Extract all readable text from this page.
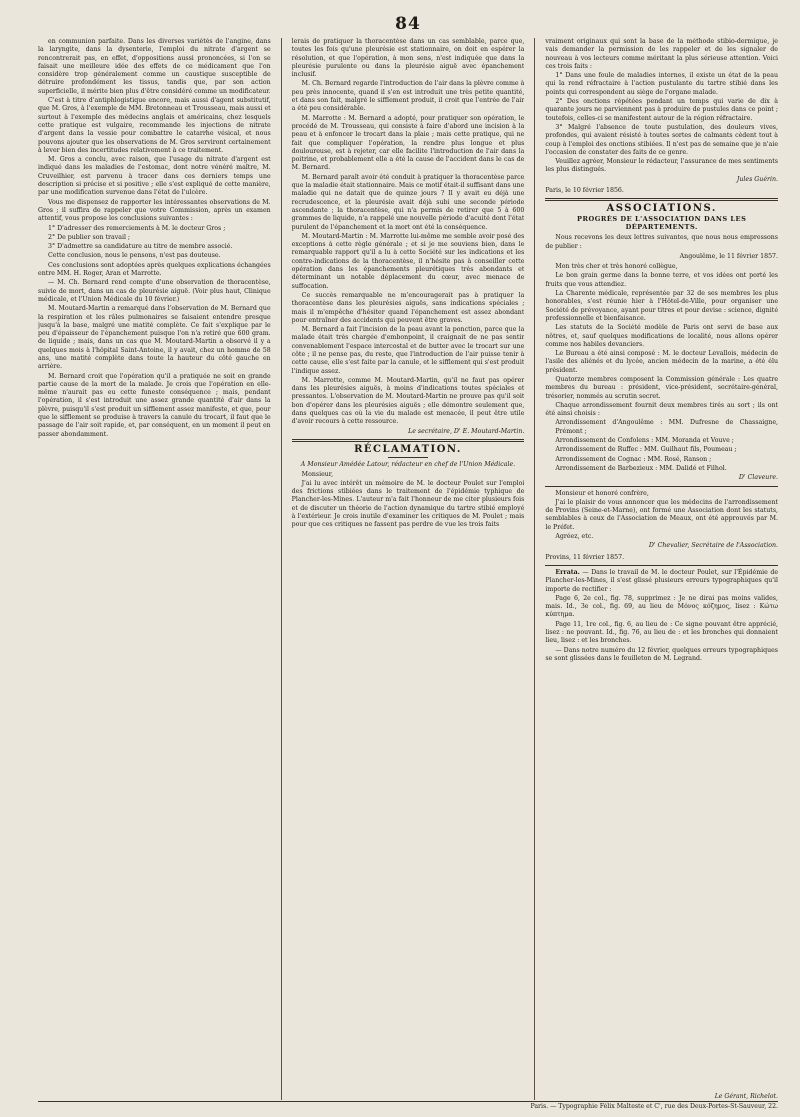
84

en communion parfaite. Dans les diverses variétés de l'angine, dans la laryngite, dans la dysenterie, l'emploi du nitrate d'argent se rencontrerait pas, en effet, d'oppositions aussi prononcées, si l'on se faisait une meilleure idée des effets de ce médicament que l'on considère trop généralement comme un caustique susceptible de détruire profondément les tissus, tandis que, par son action superficielle, il mérite bien plus d'être considéré comme un modificateur.

C'est à titre d'antiphlogistique encore, mais aussi d'agent substitutif, que M. Gros, à l'exemple de MM. Bretonneau et Trousseau, mais aussi et surtout à l'exemple des médecins anglais et américains, chez lesquels cette pratique est vulgaire, recommande les injections de nitrate d'argent dans la vessie pour combattre le catarrhe vésical, et nous pouvons ajouter que les observations de M. Gros serviront certainement à lever bien des incertitudes relativement à ce traitement.

M. Gros a conclu, avec raison, que l'usage du nitrate d'argent est indiqué dans les maladies de l'estomac, dont notre vénéré maître, M. Cruveilhier, est parvenu à tracer dans ces derniers temps une description si précise et si positive ; elle s'est expliqué de cette manière, par une modification survenue dans l'état de l'ulcère.

Vous me dispensez de rapporter les intéressantes observations de M. Gros ; il suffira de rappeler que votre Commission, après un examen attentif, vous propose les conclusions suivantes :

1° D'adresser des remerciements à M. le docteur Gros ;
2° De publier son travail ;
3° D'admettre sa candidature au titre de membre associé.

Cette conclusion, nous le pensons, n'est pas douteuse.

Ces conclusions sont adoptées après quelques explications échangées entre MM. H. Roger, Aran et Marrotte.

— M. Ch. Bernard rend compte d'une observation de thoracentèse, suivie de mort, dans un cas de pleurésie aiguë. (Voir plus haut, Clinique médicale, et l'Union Médicale du 10 février.)

M. Moutard-Martin a remarqué dans l'observation de M. Bernard que la respiration et les râles pulmonaires se faisaient entendre presque jusqu'à la base, malgré une matité complète. Ce fait s'explique par le peu d'épaisseur de l'épanchement puisque l'on n'a retiré que 600 gram. de liquide ; mais, dans un cas que M. Moutard-Martin a observé il y a quelques mois à l'hôpital Saint-Antoine, il y avait, chez un homme de 58 ans, une matité complète dans toute la hauteur du côté gauche en arrière.

M. Bernard croit que l'opération qu'il a pratiquée ne soit en grande partie cause de la mort de la malade. Je crois que l'opération en elle-même n'aurait pas eu cette funeste conséquence ; mais, pendant l'opération, il s'est introduit une assez grande quantité d'air dans la plèvre, puisqu'il s'est produit un sifflement assez manifeste, et que, pour que le sifflement se produise à travers la canule du trocart, il faut que le passage de l'air soit rapide, et, par conséquent, en un moment il peut en passer abondamment.

lerais de pratiquer la thoracentèse dans un cas semblable, parce que, toutes les fois qu'une pleurésie est stationnaire, on doit en espérer la résolution, et que l'opération, à mon sens, n'est indiquée que dans la pleurésie purulente ou dans la pleurésie aiguë avec épanchement inclusif.

M. Ch. Bernard regarde l'introduction de l'air dans la plèvre comme à peu près innocente, quand il s'en est introduit une très petite quantité, et dans son fait, malgré le sifflement produit, il croit que l'entrée de l'air a été peu considérable.

M. Marrotte : M. Bernard a adopté, pour pratiquer son opération, le procédé de M. Trousseau, qui consiste à faire d'abord une incision à la peau et à enfoncer le trocart dans la plaie ; mais cette pratique, qui ne fait que compliquer l'opération, la rendre plus longue et plus douloureuse, est à rejeter, car elle facilite l'introduction de l'air dans la poitrine, et probablement elle a été la cause de l'accident dans le cas de M. Bernard.

M. Bernard paraît avoir été conduit à pratiquer la thoracentèse parce que la maladie était stationnaire. Mais ce motif était-il suffisant dans une maladie qui ne datait que de quinze jours ? Il y avait eu déjà une recrudescence, et la pleurésie avait déjà subi une seconde période ascendante ; la thoracentèse, qui n'a permis de retirer que 5 à 600 grammes de liquide, n'a rappelé une nouvelle période d'acuité dont l'état purulent de l'épanchement et la mort ont été la conséquence.

M. Moutard-Martin : M. Marrotte lui-même me semble avoir posé des exceptions à cette règle générale ; et si je me souviens bien, dans le remarquable rapport qu'il a lu à cette Société sur les indications et les contre-indications de la thoracentèse, il n'hésite pas à conseiller cette opération dans les épanchements pleurétiques très abondants et déterminant un notable déplacement du cœur, avec menace de suffocation.

Ce succès remarquable ne m'encouragerait pas à pratiquer la thoracentèse dans les pleurésies aiguës, sans indications spéciales ; mais il m'empêche d'hésiter quand l'épanchement est assez abondant pour entraîner des accidents qui peuvent être graves.

M. Bernard a fait l'incision de la peau avant la ponction, parce que la malade était très chargée d'embonpoint, il craignait de ne pas sentir convenablement l'espace intercostal et de butter avec le trocart sur une côte ; il ne pense pas, du reste, que l'introduction de l'air puisse tenir à cette cause, elle s'est faite par la canule, et le sifflement qui s'est produit l'indique assez.

M. Marrotte, comme M. Moutard-Martin, qu'il ne faut pas opérer dans les pleurésies aiguës, à moins d'indications toutes spéciales et pressantes. L'observation de M. Moutard-Martin ne prouve pas qu'il soit bon d'opérer dans les pleurésies aiguës ; elle démontre seulement que, dans quelques cas où la vie du malade est menacée, il peut être utile d'avoir recours à cette ressource.

Le secrétaire, D' E. Moutard-Martin.
RÉCLAMATION.

A Monsieur Amédée Latour, rédacteur en chef de l'Union Médicale.

Monsieur,

J'ai lu avec intérêt un mémoire de M. le docteur Poulet sur l'emploi des frictions stibiées dans le traitement de l'épidémie typhique de Plancher-les-Mines. L'auteur m'a fait l'honneur de me citer plusieurs fois et de discuter un théorie de l'action dynamique du tartre stibié employé à l'extérieur. Je crois inutile d'examiner les critiques de M. Poulet ; mais pour que ces critiques ne fassent pas perdre de vue les trois faits

vraiment originaux qui sont la base de la méthode stibio-dermique, je vais demander la permission de les rappeler et de les signaler de nouveau à vos lecteurs comme méritant la plus sérieuse attention. Voici ces trois faits :

1° Dans une foule de maladies internes, il existe un état de la peau qui la rend réfractaire à l'action pustulante du tartre stibié dans les points qui correspondent au siège de l'organe malade.

2° Des onctions répétées pendant un temps qui varie de dix à quarante jours ne parviennent pas à produire de pustules dans ce point ; toutefois, celles-ci se manifestent autour de la région réfractaire.

3° Malgré l'absence de toute pustulation, des douleurs vives, profondes, qui avaient résisté à toutes sortes de calmants cèdent tout à coup à l'emploi des onctions stibiées. Il n'est pas de semaine que je n'aie l'occasion de constater des faits de ce genre.

Veuillez agréer, Monsieur le rédacteur, l'assurance de mes sentiments les plus distingués.

Jules Guérin.
Paris, le 10 février 1856.
ASSOCIATIONS.
PROGRÈS DE L'ASSOCIATION DANS LES DÉPARTEMENTS.

Nous recevons les deux lettres suivantes, que nous nous empressons de publier :

Angoulême, le 11 février 1857.

Mon très cher et très honoré collègue,

Le bon grain germe dans la bonne terre, et vos idées ont porté les fruits que vous attendiez.

La Charente médicale, représentée par 32 de ses membres les plus honorables, s'est réunie hier à l'Hôtel-de-Ville, pour organiser une Société de prévoyance, ayant pour titres et pour devise : science, dignité professionnelle et bienfaisance.

Les statuts de la Société modèle de Paris ont servi de base aux nôtres, et, sauf quelques modifications de localité, nous allons opérer comme nos habiles devanciers.

Le Bureau a été ainsi composé : M. le docteur Levallois, médecin de l'asile des aliénés et du lycée, ancien médecin de la marine, a été élu président.

Quatorze membres composent la Commission générale : Les quatre membres du bureau : président, vice-président, secrétaire-général, trésorier, nommés au scrutin secret.

Chaque arrondissement fournit deux membres tirés au sort ; ils ont été ainsi choisis :

Arrondissement d'Angoulême : MM. Dufresne de Chassaigne, Prémont ;
Arrondissement de Confolens : MM. Moranda et Vouve ;
Arrondissement de Ruffec : MM. Guilhaut fils, Poumeau ;
Arrondissement de Cognac : MM. Rosé, Ranson ;
Arrondissement de Barbezieux : MM. Dalidé et Filhol.
D' Claveure.

Monsieur et honoré confrère,

J'ai le plaisir de vous annoncer que les médecins de l'arrondissement de Provins (Seine-et-Marne), ont formé une Association dont les statuts, semblables à ceux de l'Association de Meaux, ont été approuvés par M. le Préfet.

Agréez, etc.

D' Chevalier, Secrétaire de l'Association.
Provins, 11 février 1857.

Errata. — Dans le travail de M. le docteur Poulet, sur l'Épidémie de Plancher-les-Mines, il s'est glissé plusieurs erreurs typographiques qu'il importe de rectifier :

Page 6, 2e col., fig. 78, supprimez : Je ne dirai pas moins valides, mais. Id., 3e col., fig. 69, au lieu de Μόνος κόζημος, lisez : Κώτω κύπτημα.

Page 11, 1re col., fig. 6, au lieu de : Ce signe pouvant être apprécié, lisez : ne pouvant. Id., fig. 76, au lieu de : et les bronches qui donnaient lieu, lisez : et les bronches.

— Dans notre numéro du 12 février, quelques erreurs typographiques se sont glissées dans le feuilleton de M. Legrand.

Le Gérant, Richelot.
Paris. — Typographie Félix Malteste et C', rue des Deux-Portes-St-Sauveur, 22.
